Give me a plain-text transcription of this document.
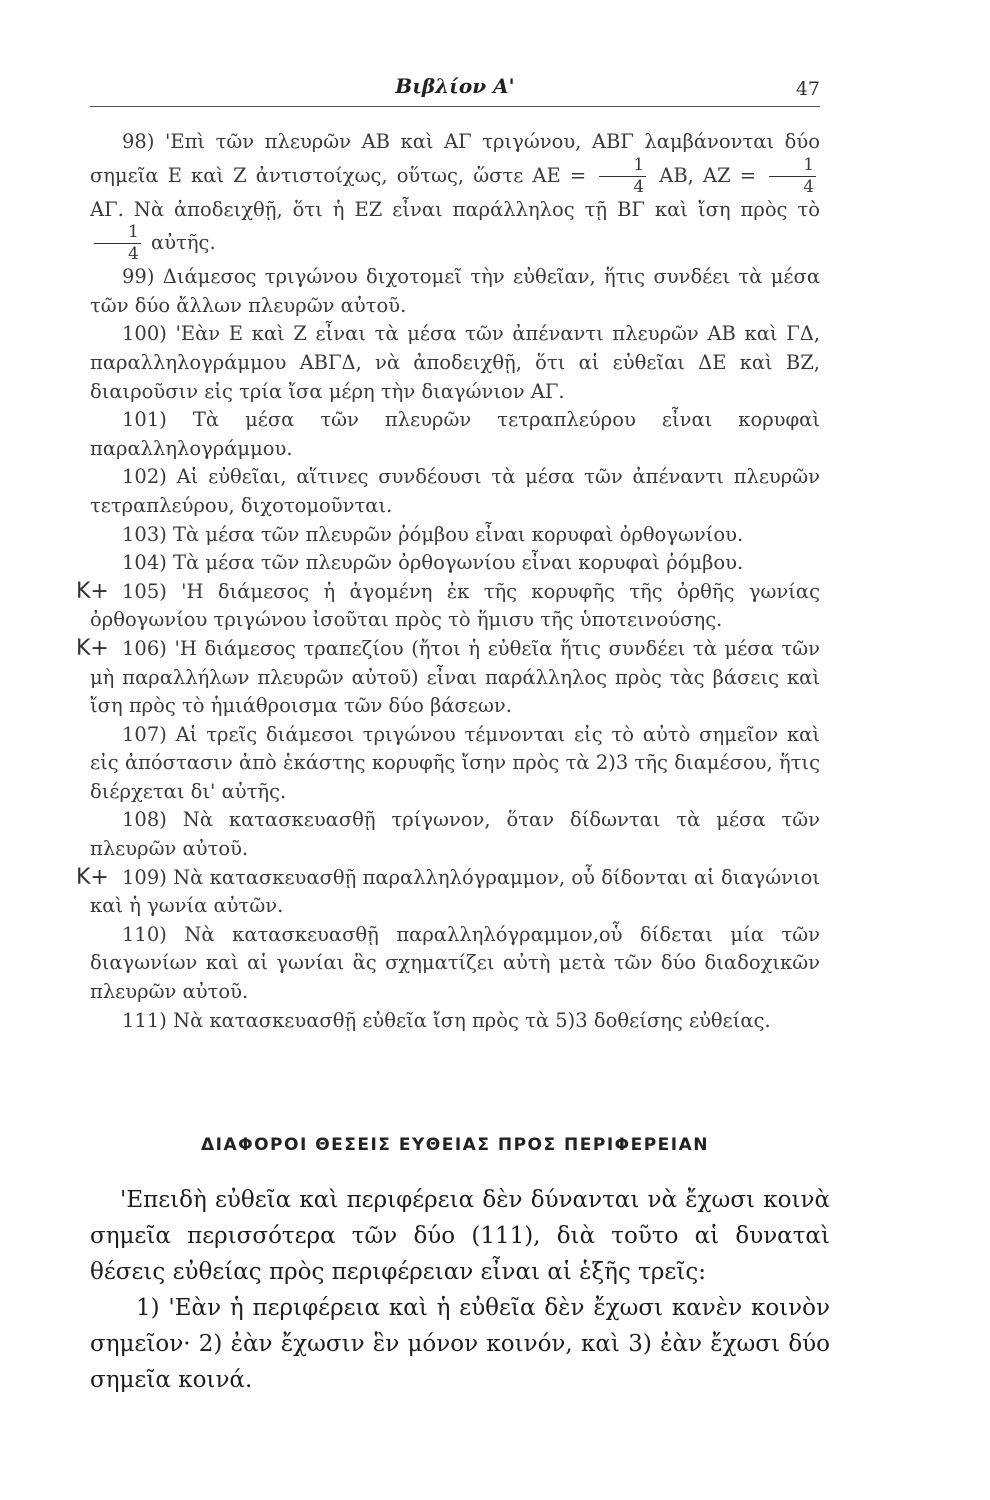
Βιβλίον Α'	47

98) 'Επὶ τῶν πλευρῶν ΑΒ καὶ ΑΓ τριγώνου, ΑΒΓ λαμβάνονται δύο σημεῖα Ε καὶ Ζ ἀντιστοίχως, οὕτως, ὥστε $AE = \frac{1}{4} AB$, $AZ = \frac{1}{4}$
ΑΓ. Νὰ ἀποδειχθῇ, ὅτι ἡ ΕΖ εἶναι παράλληλος τῇ ΒΓ καὶ ἴση πρὸς τὸ
$\frac{1}{4}$ αὐτῆς.

99) Διάμεσος τριγώνου διχοτομεῖ τὴν εὐθεῖαν, ἥτις συνδέει τὰ μέσα τῶν δύο ἄλλων πλευρῶν αὐτοῦ.

100) 'Εὰν Ε καὶ Ζ εἶναι τὰ μέσα τῶν ἀπέναντι πλευρῶν ΑΒ καὶ ΓΔ, παραλληλογράμμου ΑΒΓΔ, νὰ ἀποδειχθῇ, ὅτι αἱ εὐθεῖαι ΔΕ καὶ ΒΖ, διαιροῦσιν εἰς τρία ἴσα μέρη τὴν διαγώνιον ΑΓ.

101) Τὰ μέσα τῶν πλευρῶν τετραπλεύρου εἶναι κορυφαὶ παραλληλογράμμου.

102) Αἱ εὐθεῖαι, αἵτινες συνδέουσι τὰ μέσα τῶν ἀπέναντι πλευρῶν τετραπλεύρου, διχοτομοῦνται.

103) Τὰ μέσα τῶν πλευρῶν ῥόμβου εἶναι κορυφαὶ ὀρθογωνίου.

104) Τὰ μέσα τῶν πλευρῶν ὀρθογωνίου εἶναι κορυφαὶ ῥόμβου.

Κ+ 105) 'Η διάμεσος ἡ ἀγομένη ἐκ τῆς κορυφῆς τῆς ὀρθῆς γωνίας ὀρθογωνίου τριγώνου ἰσοῦται πρὸς τὸ ἥμισυ τῆς ὑποτεινούσης.

Κ+ 106) 'Η διάμεσος τραπεζίου (ἤτοι ἡ εὐθεῖα ἥτις συνδέει τὰ μέσα τῶν μὴ παραλλήλων πλευρῶν αὐτοῦ) εἶναι παράλληλος πρὸς τὰς βάσεις καὶ ἴση πρὸς τὸ ἡμιάθροισμα τῶν δύο βάσεων.

107) Αἱ τρεῖς διάμεσοι τριγώνου τέμνονται εἰς τὸ αὐτὸ σημεῖον καὶ εἰς ἀπόστασιν ἀπὸ ἑκάστης κορυφῆς ἴσην πρὸς τὰ 2)3 τῆς διαμέσου, ἥτις διέρχεται δι' αὐτῆς.

108) Νὰ κατασκευασθῇ τρίγωνον, ὅταν δίδωνται τὰ μέσα τῶν πλευρῶν αὐτοῦ.

Κ+ 109) Νὰ κατασκευασθῇ παραλληλόγραμμον, οὗ δίδονται αἱ διαγώνιοι καὶ ἡ γωνία αὐτῶν.

110) Νὰ κατασκευασθῇ παραλληλόγραμμον,οὗ δίδεται μία τῶν διαγωνίων καὶ αἱ γωνίαι ἃς σχηματίζει αὐτὴ μετὰ τῶν δύο διαδοχικῶν πλευρῶν αὐτοῦ.

111) Νὰ κατασκευασθῇ εὐθεῖα ἴση πρὸς τὰ 5)3 δοθείσης εὐθείας.

ΔΙΑΦΟΡΟΙ ΘΕΣΕΙΣ ΕΥΘΕΙΑΣ ΠΡΟΣ ΠΕΡΙΦΕΡΕΙΑΝ

'Επειδὴ εὐθεῖα καὶ περιφέρεια δὲν δύνανται νὰ ἔχωσι κοινὰ σημεῖα περισσότερα τῶν δύο (111), διὰ τοῦτο αἱ δυναταὶ θέσεις εὐθείας πρὸς περιφέρειαν εἶναι αἱ ἑξῆς τρεῖς:

1) 'Εὰν ἡ περιφέρεια καὶ ἡ εὐθεῖα δὲν ἔχωσι κανὲν κοινὸν σημεῖον· 2) ἐὰν ἔχωσιν ἓν μόνον κοινόν, καὶ 3) ἐὰν ἔχωσι δύο σημεῖα κοινά.
